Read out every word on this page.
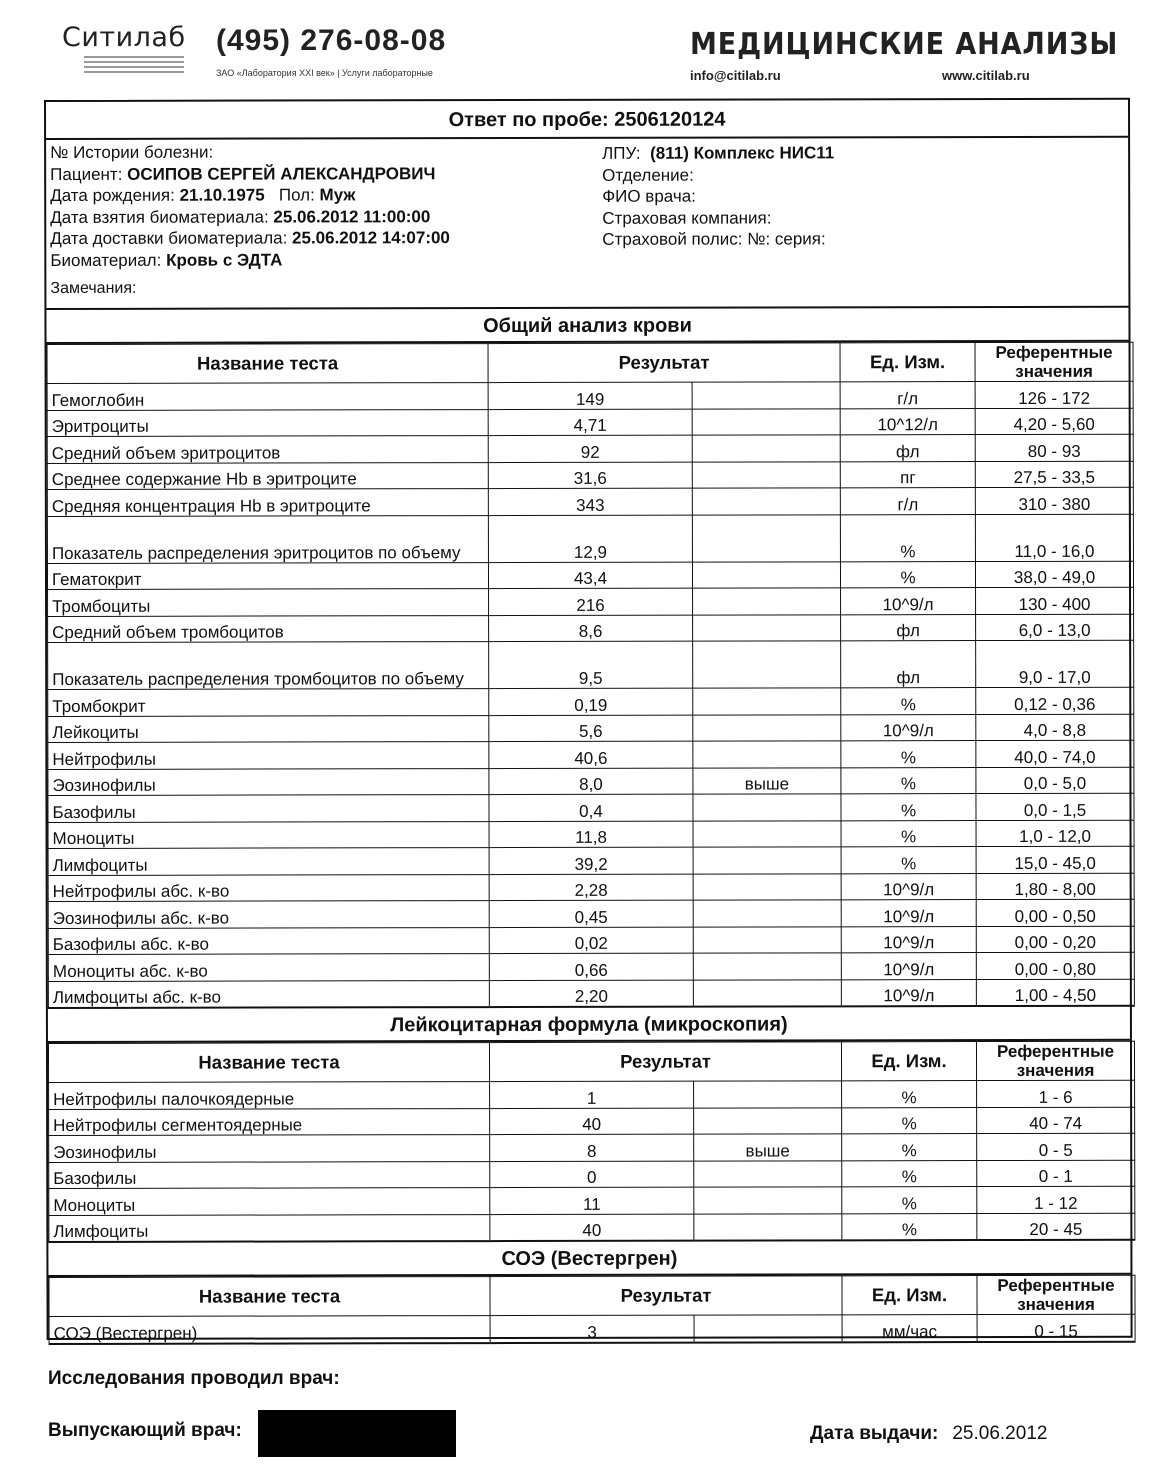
Ситилаб (495) 276-08-08
ЗАО «Лаборатория ХХI век» | Услуги лабораторные
МЕДИЦИНСКИЕ АНАЛИЗЫ
info@citilab.ru	www.citilab.ru
Ответ по пробе: 2506120124
№ Истории болезни:
Пациент: ОСИПОВ СЕРГЕЙ АЛЕКСАНДРОВИЧ
Дата рождения: 21.10.1975 Пол: Муж
Дата взятия биоматериала: 25.06.2012 11:00:00
Дата доставки биоматериала: 25.06.2012 14:07:00
Биоматериал: Кровь с ЭДТА
ЛПУ: (811) Комплекс НИС11
Отделение:
ФИО врача:
Страховая компания:
Страховой полис: №: серия:
Замечания:
Общий анализ крови
Название теста	Результат		Ед. Изм.	Референтные значения
Гемоглобин	149		г/л	126 - 172
Эритроциты	4,71		10^12/л	4,20 - 5,60
Средний объем эритроцитов	92		фл	80 - 93
Среднее содержание Hb в эритроците	31,6		пг	27,5 - 33,5
Средняя концентрация Hb в эритроците	343		г/л	310 - 380
Показатель распределения эритроцитов по объему	12,9		%	11,0 - 16,0
Гематокрит	43,4		%	38,0 - 49,0
Тромбоциты	216		10^9/л	130 - 400
Средний объем тромбоцитов	8,6		фл	6,0 - 13,0
Показатель распределения тромбоцитов по объему	9,5		фл	9,0 - 17,0
Тромбокрит	0,19		%	0,12 - 0,36
Лейкоциты	5,6		10^9/л	4,0 - 8,8
Нейтрофилы	40,6		%	40,0 - 74,0
Эозинофилы	8,0	выше	%	0,0 - 5,0
Базофилы	0,4		%	0,0 - 1,5
Моноциты	11,8		%	1,0 - 12,0
Лимфоциты	39,2		%	15,0 - 45,0
Нейтрофилы абс. к-во	2,28		10^9/л	1,80 - 8,00
Эозинофилы абс. к-во	0,45		10^9/л	0,00 - 0,50
Базофилы абс. к-во	0,02		10^9/л	0,00 - 0,20
Моноциты абс. к-во	0,66		10^9/л	0,00 - 0,80
Лимфоциты абс. к-во	2,20		10^9/л	1,00 - 4,50
Лейкоцитарная формула (микроскопия)
Название теста	Результат		Ед. Изм.	Референтные значения
Нейтрофилы палочкоядерные	1		%	1 - 6
Нейтрофилы сегментоядерные	40		%	40 - 74
Эозинофилы	8	выше	%	0 - 5
Базофилы	0		%	0 - 1
Моноциты	11		%	1 - 12
Лимфоциты	40		%	20 - 45
СОЭ (Вестергрен)
Название теста	Результат		Ед. Изм.	Референтные значения
СОЭ (Вестергрен)	3		мм/час	0 - 15
Исследования проводил врач:
Выпускающий врач:	Дата выдачи: 25.06.2012
